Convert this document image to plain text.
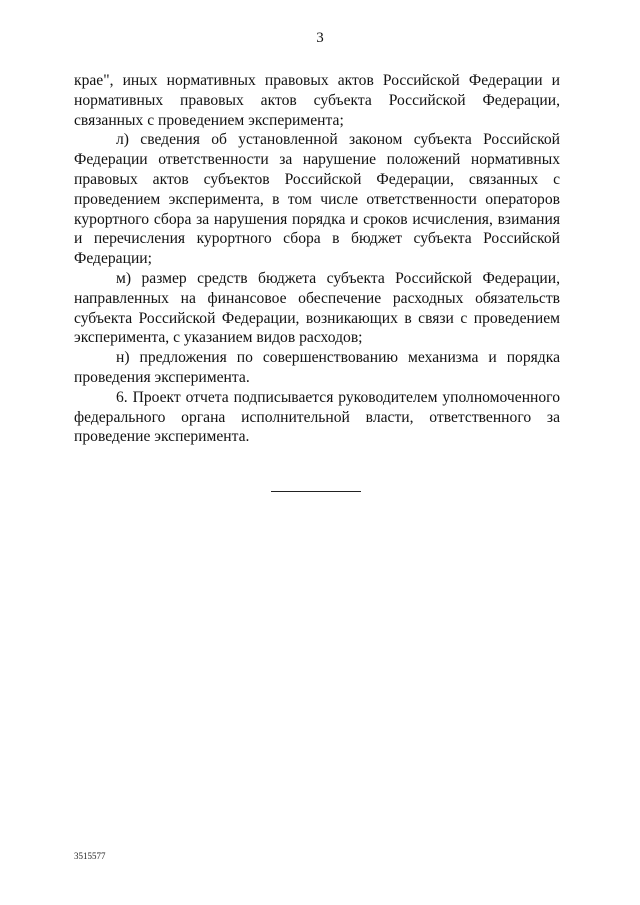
3

крае", иных нормативных правовых актов Российской Федерации и нормативных правовых актов субъекта Российской Федерации, связанных с проведением эксперимента;

л) сведения об установленной законом субъекта Российской Федерации ответственности за нарушение положений нормативных правовых актов субъектов Российской Федерации, связанных с проведением эксперимента, в том числе ответственности операторов курортного сбора за нарушения порядка и сроков исчисления, взимания и перечисления курортного сбора в бюджет субъекта Российской Федерации;

м) размер средств бюджета субъекта Российской Федерации, направленных на финансовое обеспечение расходных обязательств субъекта Российской Федерации, возникающих в связи с проведением эксперимента, с указанием видов расходов;

н) предложения по совершенствованию механизма и порядка проведения эксперимента.

6. Проект отчета подписывается руководителем уполномоченного федерального органа исполнительной власти, ответственного за проведение эксперимента.

3515577
